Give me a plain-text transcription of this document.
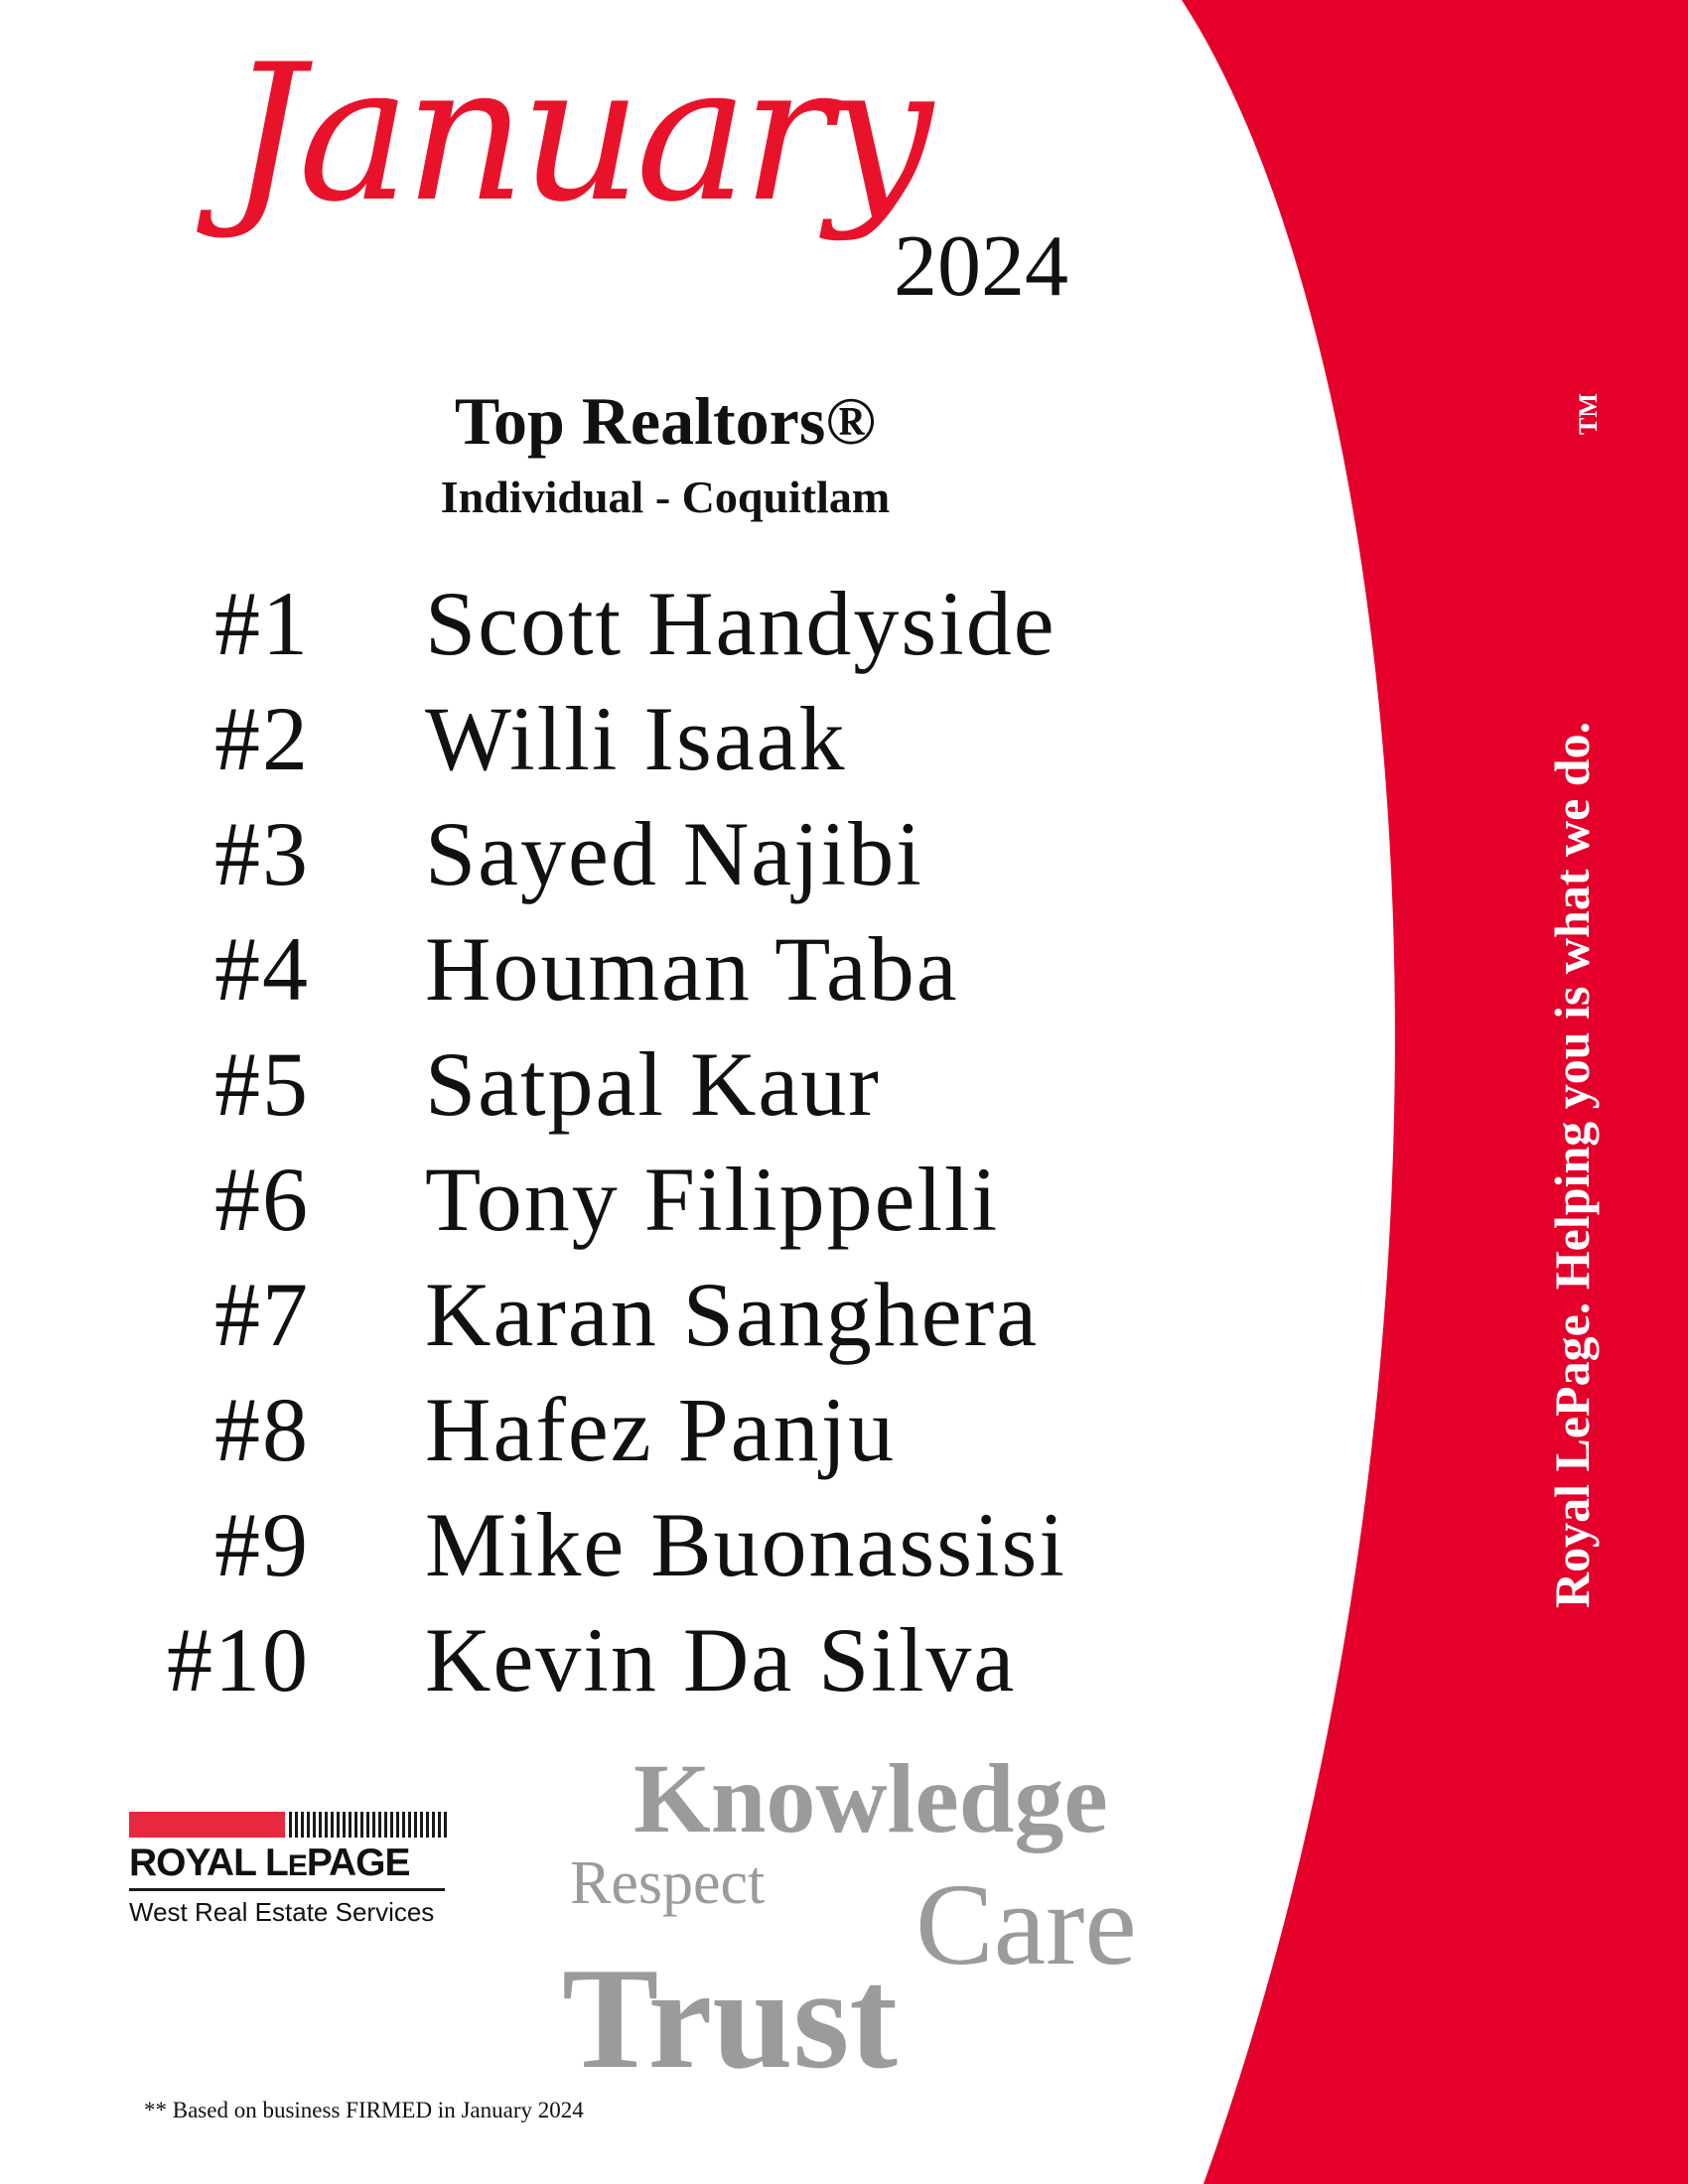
January
2024
Top Realtors®
Individual - Coquitlam
#1 Scott Handyside
#2 Willi Isaak
#3 Sayed Najibi
#4 Houman Taba
#5 Satpal Kaur
#6 Tony Filippelli
#7 Karan Sanghera
#8 Hafez Panju
#9 Mike Buonassisi
#10 Kevin Da Silva
ROYAL LEPAGE
West Real Estate Services
Knowledge
Respect Care
Trust
** Based on business FIRMED in January 2024
Royal LePage. Helping you is what we do.
TM
